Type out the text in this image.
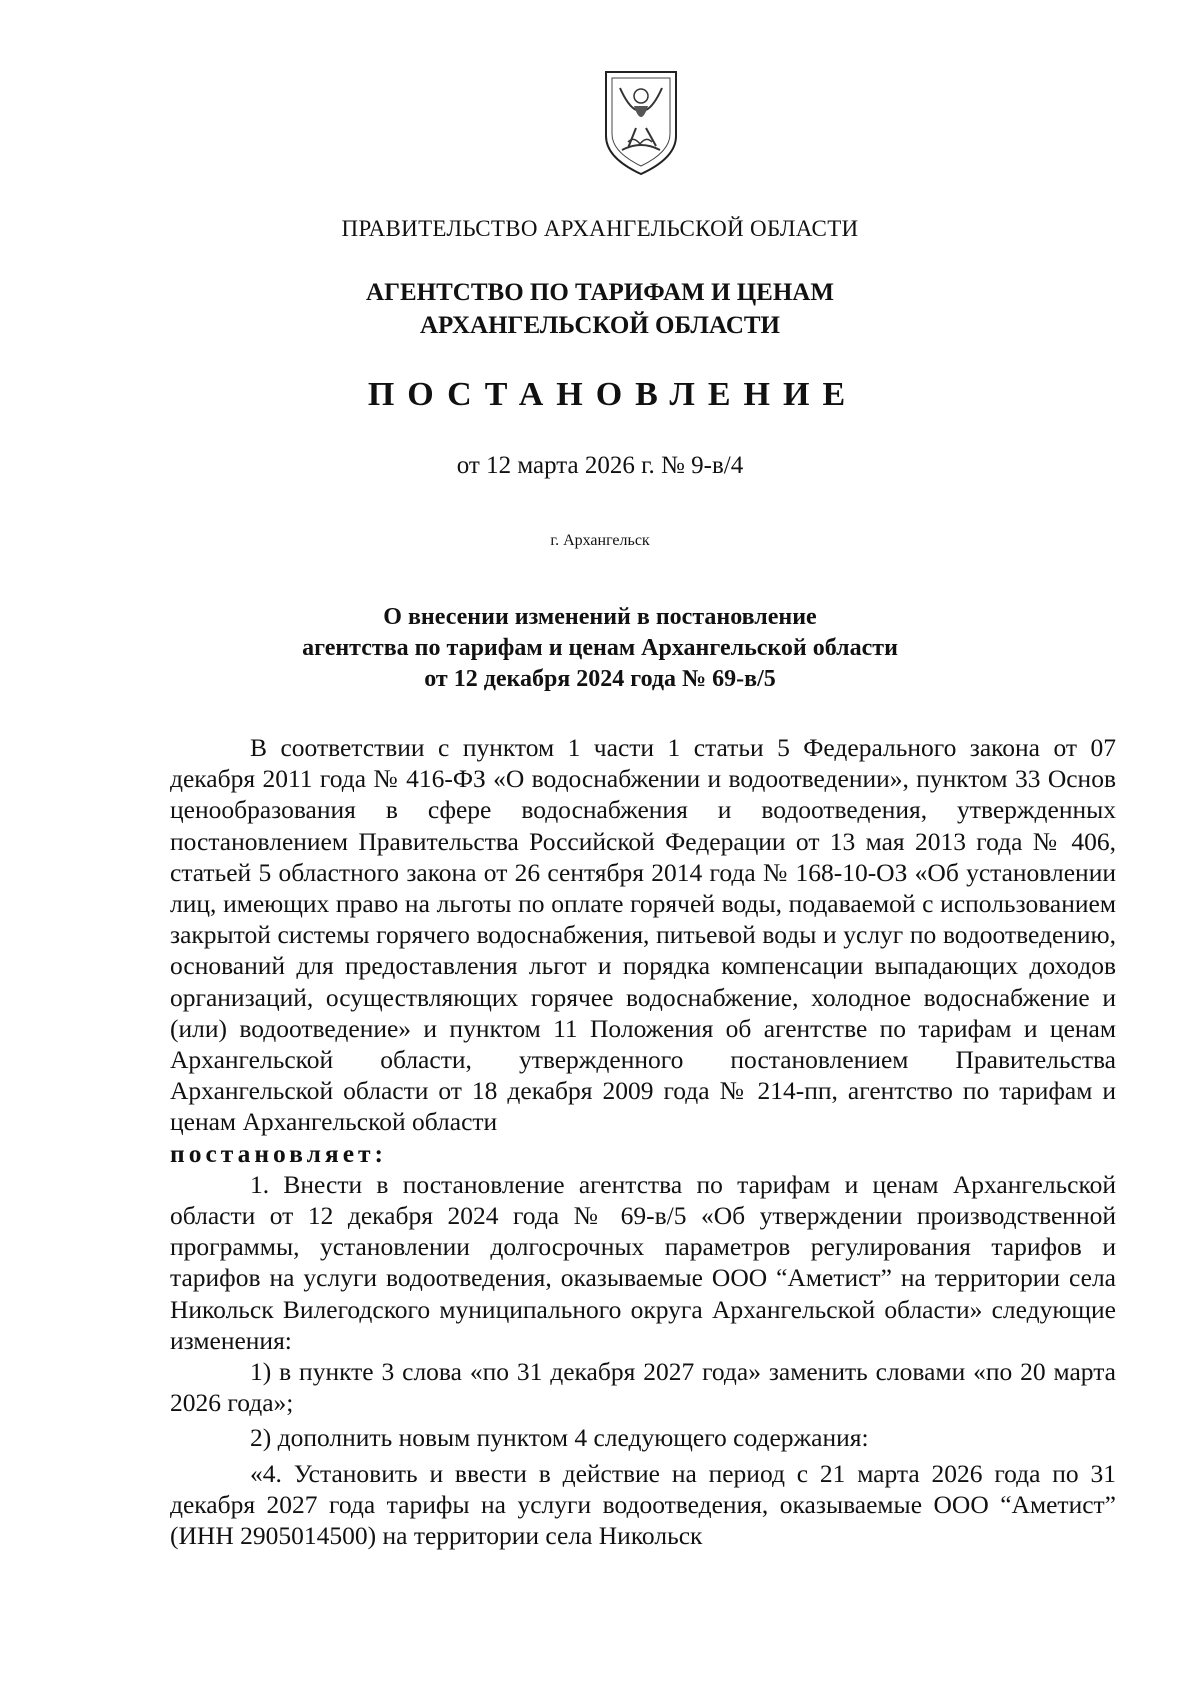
ПРАВИТЕЛЬСТВО АРХАНГЕЛЬСКОЙ ОБЛАСТИ
АГЕНТСТВО ПО ТАРИФАМ И ЦЕНАМ
АРХАНГЕЛЬСКОЙ ОБЛАСТИ
ПОСТАНОВЛЕНИЕ
от 12 марта 2026 г. № 9-в/4
г. Архангельск
О внесении изменений в постановление
агентства по тарифам и ценам Архангельской области
от 12 декабря 2024 года № 69-в/5

В соответствии с пунктом 1 части 1 статьи 5 Федерального закона от 07 декабря 2011 года № 416-ФЗ «О водоснабжении и водоотведении», пунктом 33 Основ ценообразования в сфере водоснабжения и водоотведения, утвержденных постановлением Правительства Российской Федерации от 13 мая 2013 года № 406, статьей 5 областного закона от 26 сентября 2014 года № 168-10-ОЗ «Об установлении лиц, имеющих право на льготы по оплате горячей воды, подаваемой с использованием закрытой системы горячего водоснабжения, питьевой воды и услуг по водоотведению, оснований для предоставления льгот и порядка компенсации выпадающих доходов организаций, осуществляющих горячее водоснабжение, холодное водоснабжение и (или) водоотведение» и пунктом 11 Положения об агентстве по тарифам и ценам Архангельской области, утвержденного постановлением Правительства Архангельской области от 18 декабря 2009 года № 214-пп, агентство по тарифам и ценам Архангельской области

постановляет:

1. Внести в постановление агентства по тарифам и ценам Архангельской области от 12 декабря 2024 года № 69-в/5 «Об утверждении производственной программы, установлении долгосрочных параметров регулирования тарифов и тарифов на услуги водоотведения, оказываемые ООО “Аметист” на территории села Никольск Вилегодского муниципального округа Архангельской области» следующие изменения:

1) в пункте 3 слова «по 31 декабря 2027 года» заменить словами «по 20 марта 2026 года»;

2) дополнить новым пунктом 4 следующего содержания:

«4. Установить и ввести в действие на период с 21 марта 2026 года по 31 декабря 2027 года тарифы на услуги водоотведения, оказываемые ООО “Аметист” (ИНН 2905014500) на территории села Никольск
